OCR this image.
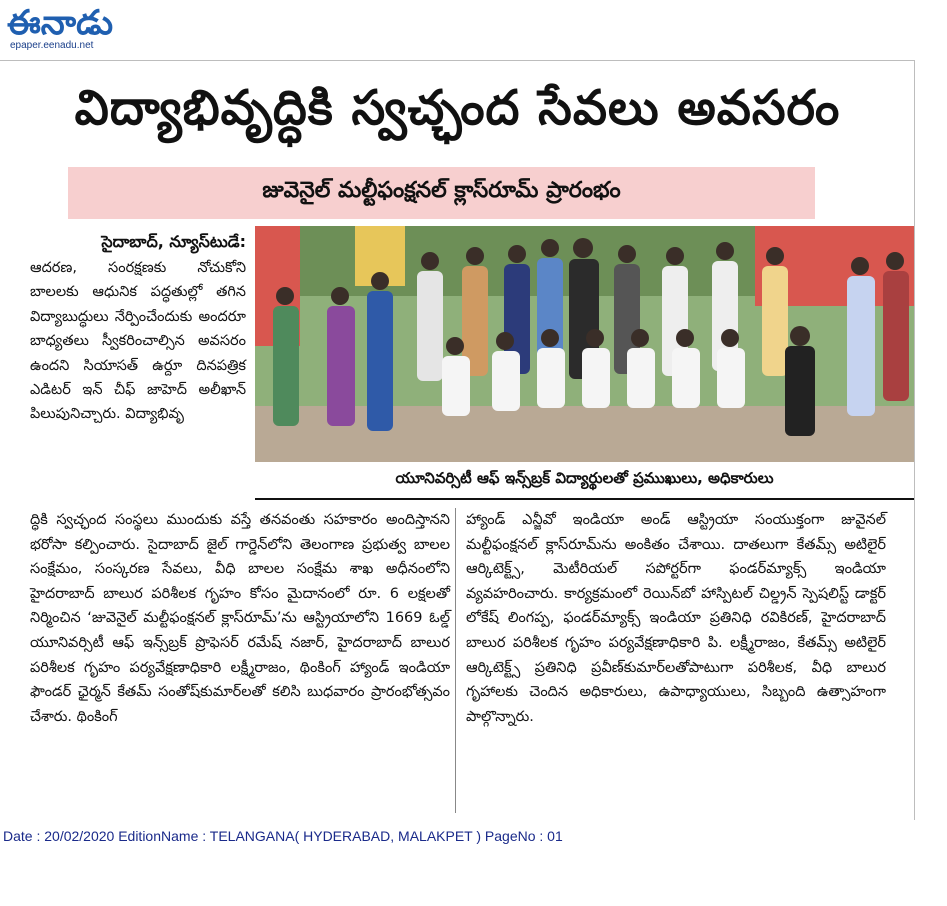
ఈనాడు
epaper.eenadu.net
విద్యాభివృద్ధికి స్వచ్ఛంద సేవలు అవసరం
జువెనైల్ మల్టీఫంక్షనల్ క్లాస్‌రూమ్ ప్రారంభం
సైదాబాద్, న్యూస్‌టుడే:
ఆదరణ, సంరక్షణకు నోచుకోని బాలలకు ఆధునిక పద్ధతుల్లో తగిన విద్యాబుద్ధులు నేర్పించేందుకు అందరూ బాధ్యతలు స్వీకరించాల్సిన అవసరం ఉందని సియాసత్ ఉర్దూ దినపత్రిక ఎడిటర్ ఇన్ చీఫ్ జాహెద్ అలీఖాన్ పిలుపునిచ్చారు. విద్యాభివృ
యూనివర్సిటీ ఆఫ్ ఇన్స్‌బ్రక్ విద్యార్థులతో ప్రముఖులు, అధికారులు
ద్ధికి స్వచ్ఛంద సంస్థలు ముందుకు వస్తే తనవంతు సహకారం అందిస్తానని భరోసా కల్పించారు. సైదాబాద్ జైల్ గార్డెన్‌లోని తెలంగాణ ప్రభుత్వ బాలల సంక్షేమం, సంస్కరణ సేవలు, వీధి బాలల సంక్షేమ శాఖ అధీనంలోని హైదరాబాద్ బాలుర పరిశీలక గృహం కోసం మైదానంలో రూ. 6 లక్షలతో నిర్మించిన ‘జువెనైల్ మల్టీఫంక్షనల్ క్లాస్‌రూమ్’ను ఆస్ట్రియాలోని 1669 ఓల్డ్ యూనివర్సిటీ ఆఫ్ ఇన్స్‌బ్రక్ ప్రొఫెసర్ రమేష్ నజార్, హైదరాబాద్ బాలుర పరిశీలక గృహం పర్యవేక్షణాధికారి లక్ష్మీరాజం, థింకింగ్ హ్యాండ్ ఇండియా ఫౌండర్ ఛైర్మన్ కేతమ్ సంతోష్‌కుమార్‌లతో కలిసి బుధవారం ప్రారంభోత్సవం చేశారు. థింకింగ్
హ్యాండ్ ఎన్జీవో ఇండియా అండ్ ఆస్ట్రియా సంయుక్తంగా జువైనల్ మల్టీఫంక్షనల్ క్లాస్‌రూమ్‌ను అంకితం చేశాయి. దాతలుగా కేతమ్స్ అటిలైర్ ఆర్కిటెక్ట్స్, మెటీరియల్ సపోర్టర్‌గా ఫండర్‌మ్యాక్స్ ఇండియా వ్యవహరించారు. కార్యక్రమంలో రెయిన్‌బో హాస్పిటల్ చిల్డ్రన్ స్పెషలిస్ట్ డాక్టర్ లోకేష్ లింగప్ప, ఫండర్‌మ్యాక్స్ ఇండియా ప్రతినిధి రవికిరణ్, హైదరాబాద్ బాలుర పరిశీలక గృహం పర్యవేక్షణాధికారి పి. లక్ష్మీరాజం, కేతమ్స్ అటిలైర్ ఆర్కిటెక్ట్స్ ప్రతినిధి ప్రవీణ్‌కుమార్‌లతోపాటుగా పరిశీలక, వీధి బాలుర గృహాలకు చెందిన అధికారులు, ఉపాధ్యాయులు, సిబ్బంది ఉత్సాహంగా పాల్గొన్నారు.
Date : 20/02/2020 EditionName : TELANGANA( HYDERABAD, MALAKPET ) PageNo : 01
